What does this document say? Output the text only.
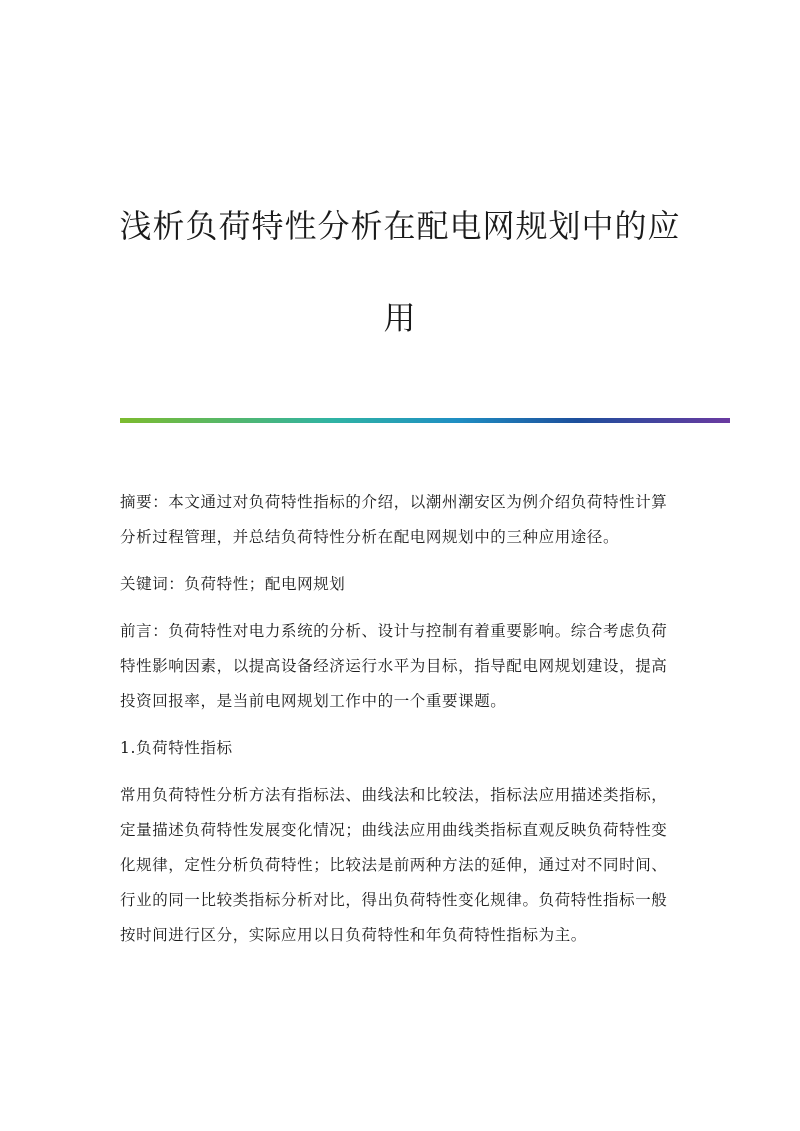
浅析负荷特性分析在配电网规划中的应
用

摘要：本文通过对负荷特性指标的介绍，以潮州潮安区为例介绍负荷特性计算分析过程管理，并总结负荷特性分析在配电网规划中的三种应用途径。

关键词：负荷特性；配电网规划

前言：负荷特性对电力系统的分析、设计与控制有着重要影响。综合考虑负荷特性影响因素，以提高设备经济运行水平为目标，指导配电网规划建设，提高投资回报率，是当前电网规划工作中的一个重要课题。

1.负荷特性指标

常用负荷特性分析方法有指标法、曲线法和比较法，指标法应用描述类指标，定量描述负荷特性发展变化情况；曲线法应用曲线类指标直观反映负荷特性变化规律，定性分析负荷特性；比较法是前两种方法的延伸，通过对不同时间、行业的同一比较类指标分析对比，得出负荷特性变化规律。负荷特性指标一般按时间进行区分，实际应用以日负荷特性和年负荷特性指标为主。
